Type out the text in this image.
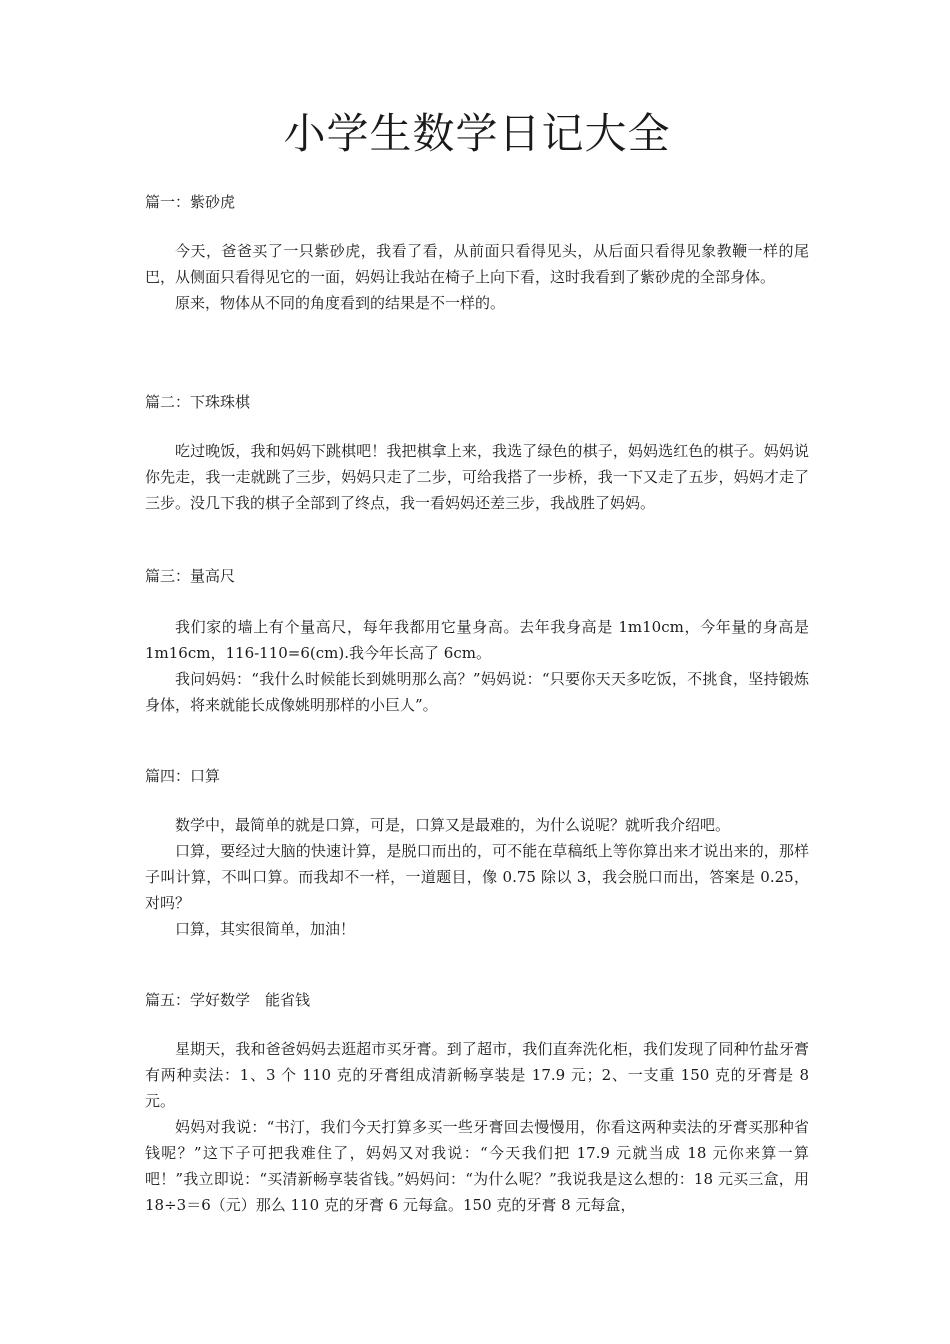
小学生数学日记大全
篇一：紫砂虎

今天，爸爸买了一只紫砂虎，我看了看，从前面只看得见头，从后面只看得见象教鞭一样的尾巴，从侧面只看得见它的一面，妈妈让我站在椅子上向下看，这时我看到了紫砂虎的全部身体。

原来，物体从不同的角度看到的结果是不一样的。

篇二：下珠珠棋

吃过晚饭，我和妈妈下跳棋吧！我把棋拿上来，我选了绿色的棋子，妈妈选红色的棋子。妈妈说你先走，我一走就跳了三步，妈妈只走了二步，可给我搭了一步桥，我一下又走了五步，妈妈才走了三步。没几下我的棋子全部到了终点，我一看妈妈还差三步，我战胜了妈妈。

篇三：量高尺

我们家的墙上有个量高尺，每年我都用它量身高。去年我身高是 1m10cm，今年量的身高是 1m16cm，116-110=6(cm).我今年长高了 6cm。

我问妈妈：“我什么时候能长到姚明那么高？”妈妈说：“只要你天天多吃饭，不挑食，坚持锻炼身体，将来就能长成像姚明那样的小巨人”。

篇四：口算

数学中，最简单的就是口算，可是，口算又是最难的，为什么说呢？就听我介绍吧。

口算，要经过大脑的快速计算，是脱口而出的，可不能在草稿纸上等你算出来才说出来的，那样子叫计算，不叫口算。而我却不一样，一道题目，像 0.75 除以 3，我会脱口而出，答案是 0.25，对吗？

口算，其实很简单，加油！

篇五：学好数学　能省钱

星期天，我和爸爸妈妈去逛超市买牙膏。到了超市，我们直奔洗化柜，我们发现了同种竹盐牙膏有两种卖法：1、3 个 110 克的牙膏组成清新畅享装是 17.9 元；2、一支重 150 克的牙膏是 8 元。

妈妈对我说：“书汀，我们今天打算多买一些牙膏回去慢慢用，你看这两种卖法的牙膏买那种省钱呢？”这下子可把我难住了，妈妈又对我说：“今天我们把 17.9 元就当成 18 元你来算一算吧！”我立即说：“买清新畅享装省钱。”妈妈问：“为什么呢？”我说我是这么想的：18 元买三盒，用 18÷3＝6（元）那么 110 克的牙膏 6 元每盒。150 克的牙膏 8 元每盒，
